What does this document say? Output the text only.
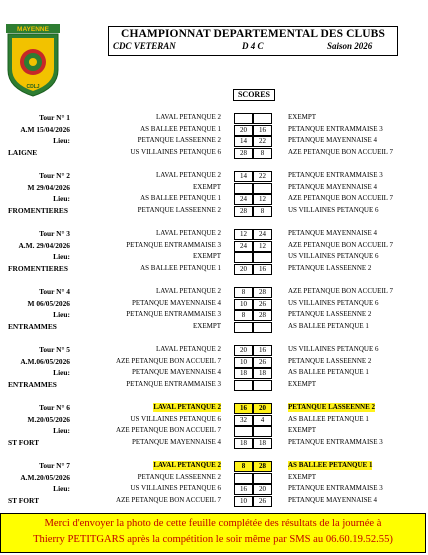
MAYENNE
CDLJ
CHAMPIONNAT DEPARTEMENTAL DES CLUBS
CDC VETERAN	D 4 C	Saison 2026
SCORES
Tour N° 1
A.M 15/04/2026
Lieu:
LAIGNE
LAVAL PETANQUE 2	EXEMPT
AS BALLEE PETANQUE 1	20	16	PETANQUE ENTRAMMAISE 3
PETANQUE LASSEENNE 2	14	22	PETANQUE MAYENNAISE 4
US VILLAINES PETANQUE 6	28	8	AZE PETANQUE BON ACCUEIL 7
Tour N° 2
M 29/04/2026
Lieu:
FROMENTIERES
LAVAL PETANQUE 2	14	22	PETANQUE ENTRAMMAISE 3
EXEMPT	PETANQUE MAYENNAISE 4
AS BALLEE PETANQUE 1	24	12	AZE PETANQUE BON ACCUEIL 7
PETANQUE LASSEENNE 2	28	8	US VILLAINES PETANQUE 6
Tour N° 3
A.M. 29/04/2026
Lieu:
FROMENTIERES
LAVAL PETANQUE 2	12	24	PETANQUE MAYENNAISE 4
PETANQUE ENTRAMMAISE 3	24	12	AZE PETANQUE BON ACCUEIL 7
EXEMPT	US VILLAINES PETANQUE 6
AS BALLEE PETANQUE 1	20	16	PETANQUE LASSEENNE 2
Tour N° 4
M 06/05/2026
Lieu:
ENTRAMMES
LAVAL PETANQUE 2	8	28	AZE PETANQUE BON ACCUEIL 7
PETANQUE MAYENNAISE 4	10	26	US VILLAINES PETANQUE 6
PETANQUE ENTRAMMAISE 3	8	28	PETANQUE LASSEENNE 2
EXEMPT	AS BALLEE PETANQUE 1
Tour N° 5
A.M.06/05/2026
Lieu:
ENTRAMMES
LAVAL PETANQUE 2	20	16	US VILLAINES PETANQUE 6
AZE PETANQUE BON ACCUEIL 7	10	26	PETANQUE LASSEENNE 2
PETANQUE MAYENNAISE 4	18	18	AS BALLEE PETANQUE 1
PETANQUE ENTRAMMAISE 3	EXEMPT
Tour N° 6
M.20/05/2026
Lieu:
ST FORT
LAVAL PETANQUE 2	16	20	PETANQUE LASSEENNE 2
US VILLAINES PETANQUE 6	32	4	AS BALLEE PETANQUE 1
AZE PETANQUE BON ACCUEIL 7	EXEMPT
PETANQUE MAYENNAISE 4	18	18	PETANQUE ENTRAMMAISE 3
Tour N° 7
A.M.20/05/2026
Lieu:
ST FORT
LAVAL PETANQUE 2	8	28	AS BALLEE PETANQUE 1
PETANQUE LASSEENNE 2	EXEMPT
US VILLAINES PETANQUE 6	16	20	PETANQUE ENTRAMMAISE 3
AZE PETANQUE BON ACCUEIL 7	10	26	PETANQUE MAYENNAISE 4
Merci d'envoyer la photo de cette feuille complétée des résultats de la journée à
Thierry PETITGARS après la compétition le soir même par SMS au 06.60.19.52.55)
